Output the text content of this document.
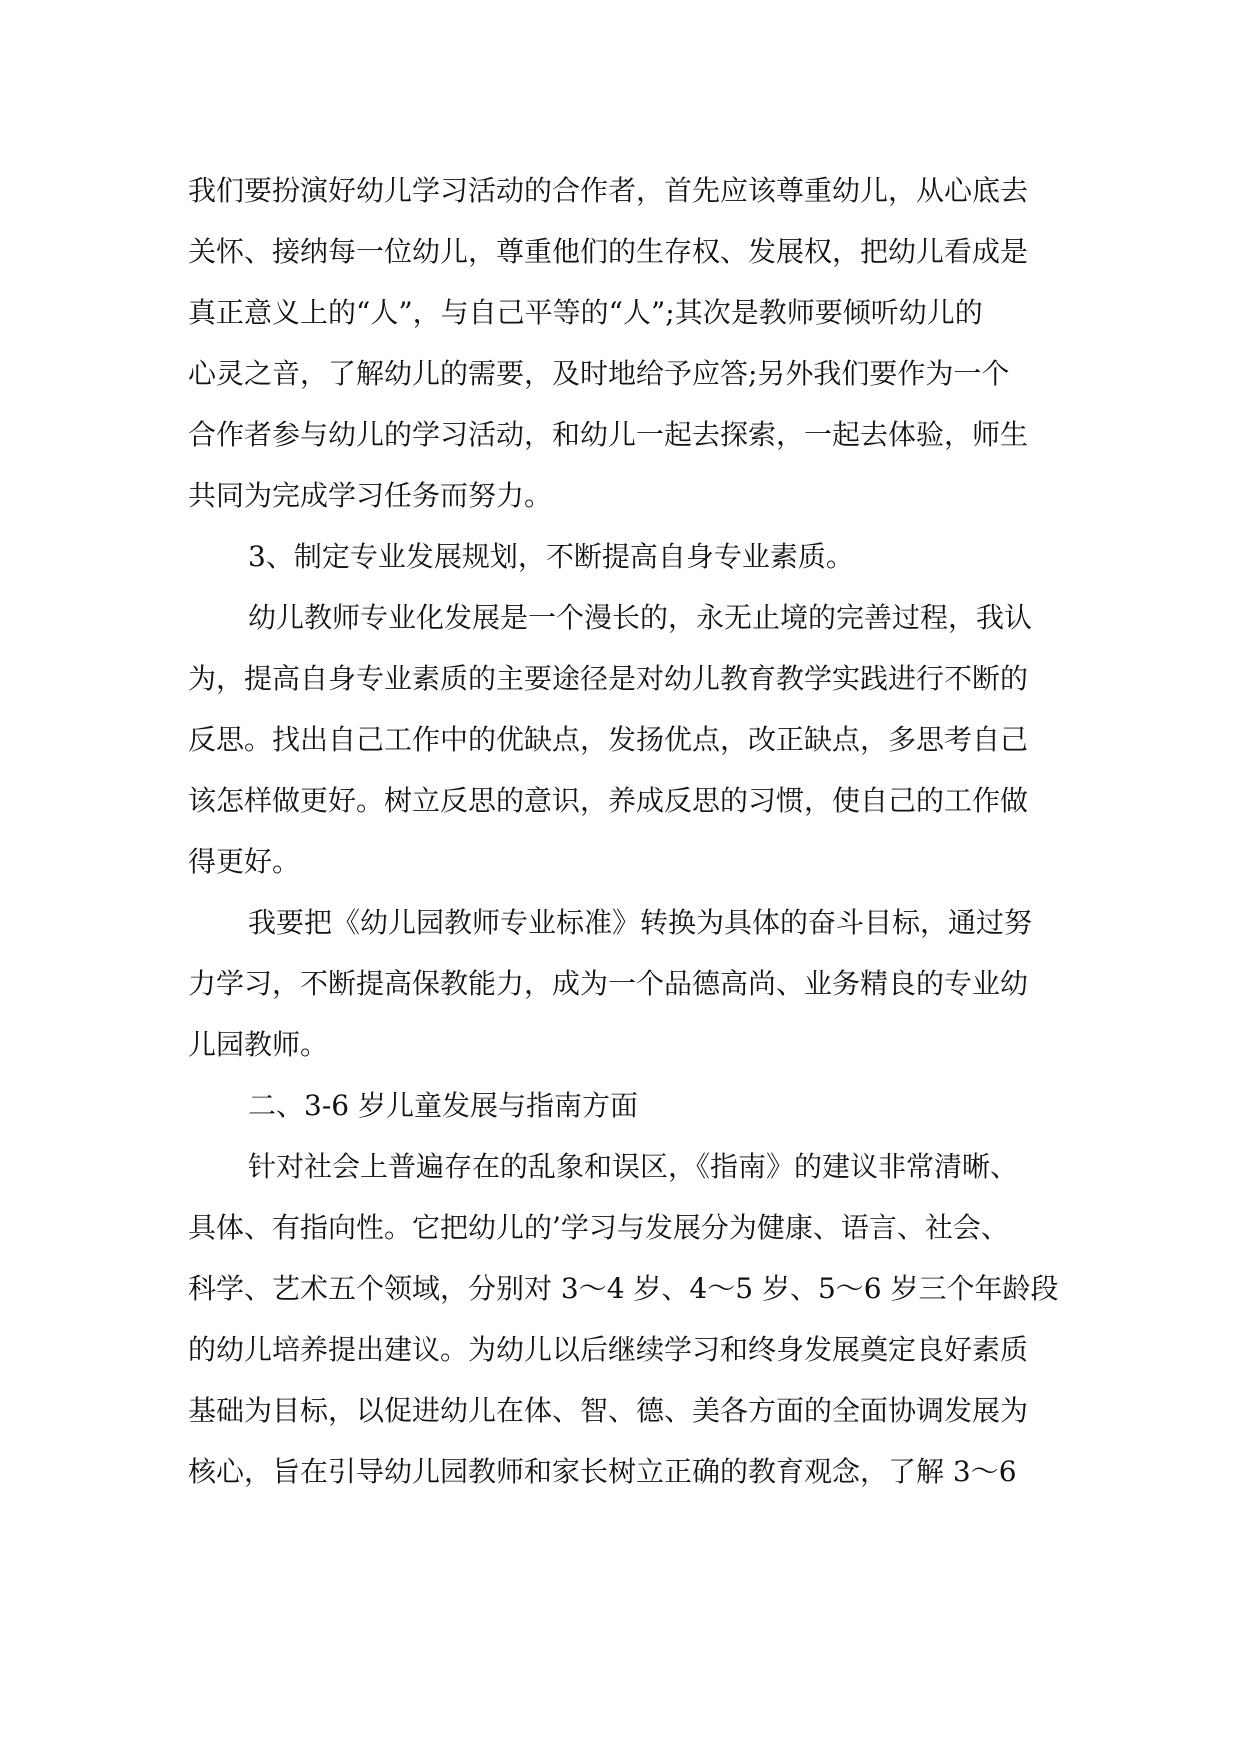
我们要扮演好幼儿学习活动的合作者，首先应该尊重幼儿，从心底去
关怀、接纳每一位幼儿，尊重他们的生存权、发展权，把幼儿看成是
真正意义上的“人”，与自己平等的“人”;其次是教师要倾听幼儿的
心灵之音，了解幼儿的需要，及时地给予应答;另外我们要作为一个
合作者参与幼儿的学习活动，和幼儿一起去探索，一起去体验，师生
共同为完成学习任务而努力。
3、制定专业发展规划，不断提高自身专业素质。
幼儿教师专业化发展是一个漫长的，永无止境的完善过程，我认
为，提高自身专业素质的主要途径是对幼儿教育教学实践进行不断的
反思。找出自己工作中的优缺点，发扬优点，改正缺点，多思考自己
该怎样做更好。树立反思的意识，养成反思的习惯，使自己的工作做
得更好。
我要把《幼儿园教师专业标准》转换为具体的奋斗目标，通过努
力学习，不断提高保教能力，成为一个品德高尚、业务精良的专业幼
儿园教师。
二、3-6 岁儿童发展与指南方面
针对社会上普遍存在的乱象和误区，《指南》的建议非常清晰、
具体、有指向性。它把幼儿的’学习与发展分为健康、语言、社会、
科学、艺术五个领域，分别对 3～4 岁、4～5 岁、5～6 岁三个年龄段
的幼儿培养提出建议。为幼儿以后继续学习和终身发展奠定良好素质
基础为目标，以促进幼儿在体、智、德、美各方面的全面协调发展为
核心，旨在引导幼儿园教师和家长树立正确的教育观念，了解 3～6
